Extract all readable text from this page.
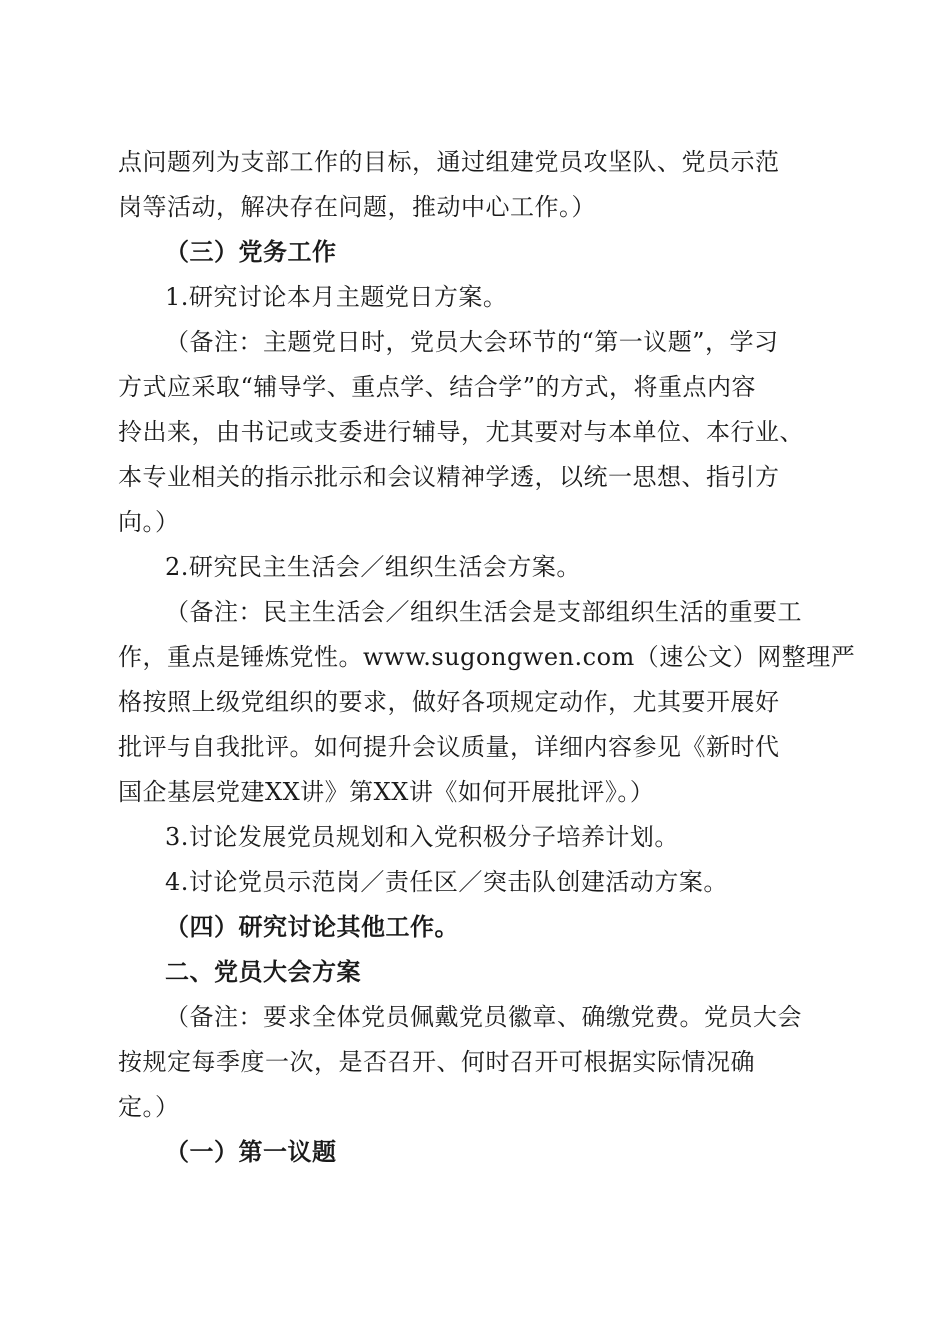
点问题列为支部工作的目标，通过组建党员攻坚队、党员示范
岗等活动，解决存在问题，推动中心工作。）
（三）党务工作
1.研究讨论本月主题党日方案。
（备注：主题党日时，党员大会环节的“第一议题”，学习
方式应采取“辅导学、重点学、结合学”的方式，将重点内容
拎出来，由书记或支委进行辅导，尤其要对与本单位、本行业、
本专业相关的指示批示和会议精神学透，以统一思想、指引方
向。）
2.研究民主生活会／组织生活会方案。
（备注：民主生活会／组织生活会是支部组织生活的重要工
作，重点是锤炼党性。www.sugongwen.com（速公文）网整理严
格按照上级党组织的要求，做好各项规定动作，尤其要开展好
批评与自我批评。如何提升会议质量，详细内容参见《新时代
国企基层党建XX讲》第XX讲《如何开展批评》。）
3.讨论发展党员规划和入党积极分子培养计划。
4.讨论党员示范岗／责任区／突击队创建活动方案。
（四）研究讨论其他工作。
二、党员大会方案
（备注：要求全体党员佩戴党员徽章、确缴党费。党员大会
按规定每季度一次，是否召开、何时召开可根据实际情况确
定。）
（一）第一议题
